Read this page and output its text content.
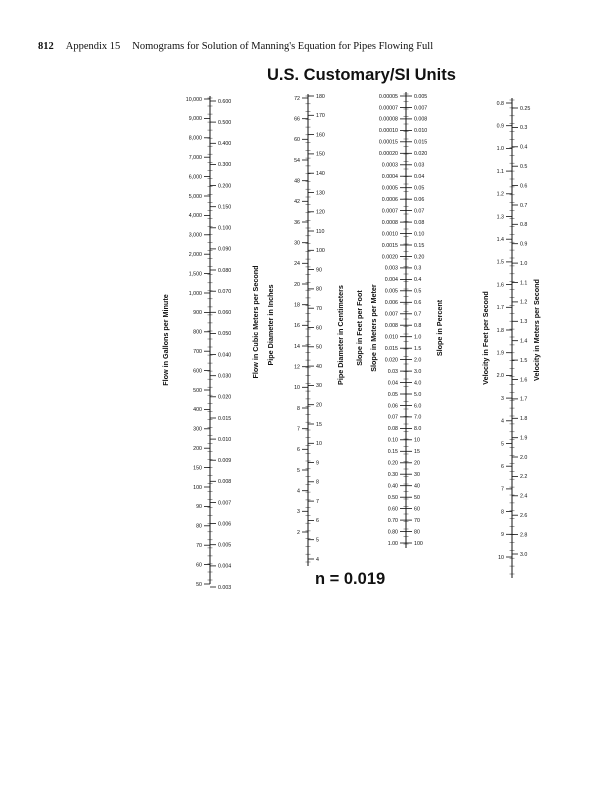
812 Appendix 15 Nomograms for Solution of Manning's Equation for Pipes Flowing Full
U.S. Customary/SI Units
10,000
9,000
8,000
7,000
6,000
5,000
4,000
3,000
2,000
1,500
1,000
900
800
700
600
500
400
300
200
150
100
90
80
70
60
50
0.600
0.500
0.400
0.300
0.200
0.150
0.100
0.090
0.080
0.070
0.060
0.050
0.040
0.030
0.020
0.015
0.010
0.009
0.008
0.007
0.006
0.005
0.004
0.003
Flow in Gallons per Minute	Flow in Cubic Meters per Second
72
66
60
54
48
42
36
30
24
20
18
16
14
12
10
8
7
6
5
4
3
2
180
170
160
150
140
130
120
110
100
90
80
70
60
50
40
30
20
15
10
9
8
7
6
5
4
Pipe Diameter in Inches	Pipe Diameter in Centimeters
0.00005
0.00007
0.00008
0.00010
0.00015
0.00020
0.0003
0.0004
0.0005
0.0006
0.0007
0.0008
0.0010
0.0015
0.0020
0.003
0.004
0.005
0.006
0.007
0.008
0.010
0.015
0.020
0.03
0.04
0.05
0.06
0.07
0.08
0.10
0.15
0.20
0.30
0.40
0.50
0.60
0.70
0.80
1.00
0.005
0.007
0.008
0.010
0.015
0.020
0.03
0.04
0.05
0.06
0.07
0.08
0.10
0.15
0.20
0.3
0.4
0.5
0.6
0.7
0.8
1.0
1.5
2.0
3.0
4.0
5.0
6.0
7.0
8.0
10
15
20
30
40
50
60
70
80
100
Slope in Feet per Foot Slope in Meters per Meter	Slope in Percent
0.8
0.9
1.0
1.1
1.2
1.3
1.4
1.5
1.6
1.7
1.8
1.9
2.0
3
4
5
6
7
8
9
10
0.25
0.3
0.4
0.5
0.6
0.7
0.8
0.9
1.0
1.1
1.2
1.3
1.4
1.5
1.6
1.7
1.8
1.9
2.0
2.2
2.4
2.6
2.8
3.0
Velocity in Feet per Second	Velocity in Meters per Second
n = 0.019
